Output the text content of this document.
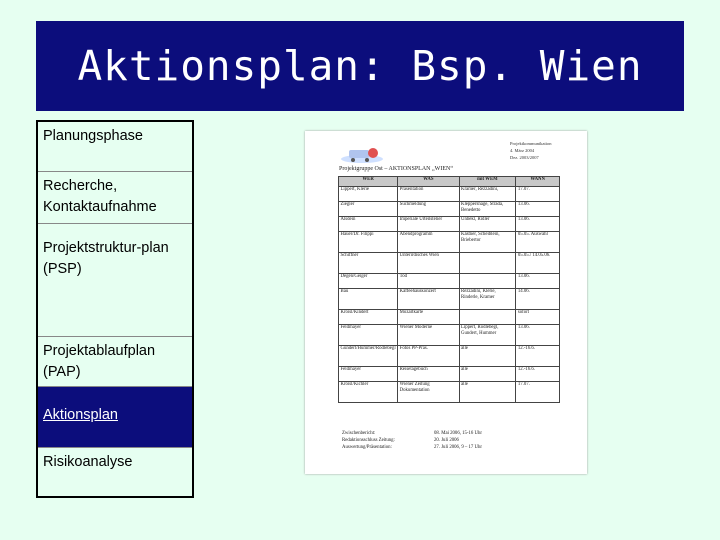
Aktionsplan: Bsp. Wien
Planungsphase
Recherche, Kontaktaufnahme
Projektstruktur-plan (PSP)
Projektablaufplan (PAP)
Aktionsplan
Risikoanalyse
Projektkommunikation
4. März 2004
Dez. 2003/2007
Projektgruppe Ost – AKTIONSPLAN „WIEN“
WER	WAS	mit WEM	WANN
Lippert, Klerie	Präsentation	Kramer, Rezzadini,	17.07.
Ziegler	Suchmeldung	Kleppershage, Strada, Benedetto	13.06.
Alsdein	Imperiale Urteilstelier	Unbekl, Ridler	13.06.
Hauer/Dr. Filippi	Abendprogramm	Kästner, Scheiblein, Briebertor	05.05. Auswahl
Schiffner	Unterirdisches Wien		05.05./ 14.05.06.
Degen/Geiger	Tod		13.06.
Bau	Kaffeehauskonzert	Rezzadini, Klerie, Rinderle, Kramer	14.06.
Kroisl/Kindert	Mozartkarte		sofort
Feldmayer	Wiener Moderne	Lippert, Rodlebegl, Gundert, Hummer	13.06.
Gundert/Hummer/Rodlebegl	Fotos PP-Präs.	alle	12.-16.6.
Feldmayer	Reisetagebuch	alle	12.-16.6.
Kroisl/Kichler	Wiener Zeitung Dokumentation	alle	17.07.
Zwischenbericht:	08. Mai 2006, 15-16 Uhr
Redaktionsschluss Zeitung:	20. Juli 2006
Auswertung/Präsentation:	27. Juli 2006, 9 – 17 Uhr
